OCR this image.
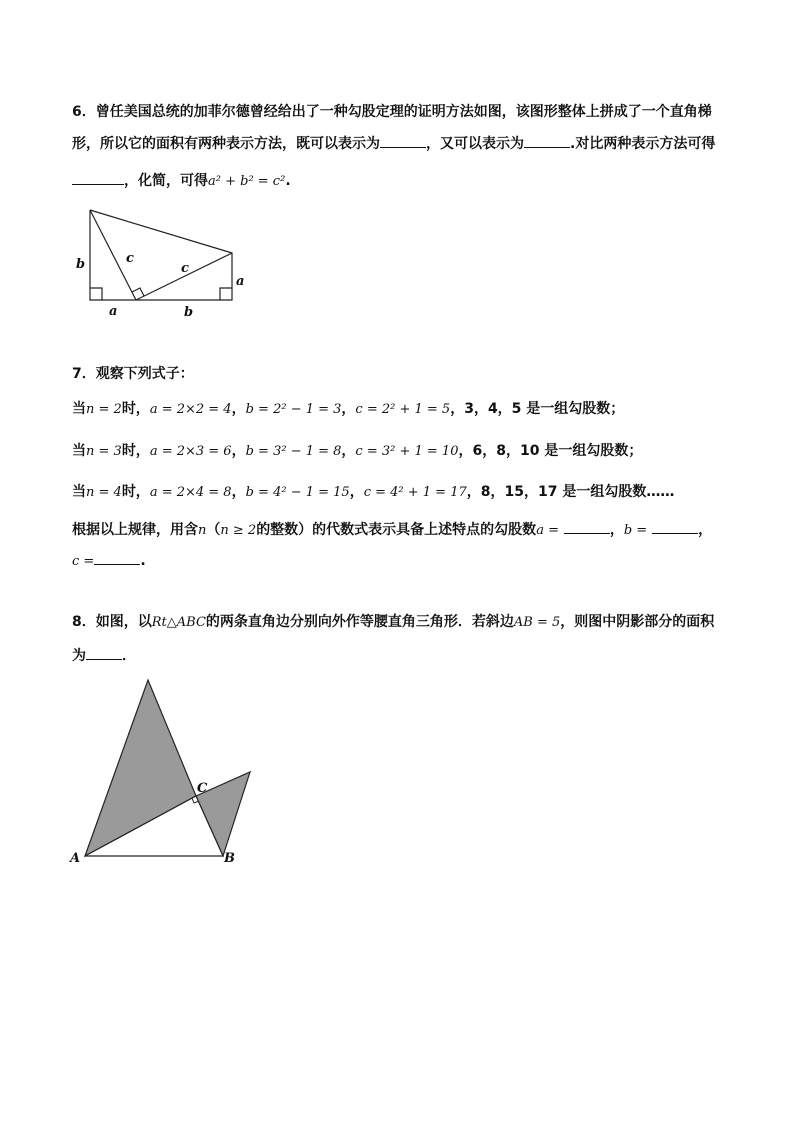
6．曾任美国总统的加菲尔德曾经给出了一种勾股定理的证明方法如图，该图形整体上拼成了一个直角梯
形，所以它的面积有两种表示方法，既可以表示为	，又可以表示为	.对比两种表示方法可得
，化简，可得a² + b² = c².
b	c
c
a
a	b
7．观察下列式子：
当n = 2时，a = 2×2 = 4，b = 2² − 1 = 3，c = 2² + 1 = 5，3，4，5 是一组勾股数；
当n = 3时，a = 2×3 = 6，b = 3² − 1 = 8，c = 3² + 1 = 10，6，8，10 是一组勾股数；
当n = 4时，a = 2×4 = 8，b = 4² − 1 = 15，c = 4² + 1 = 17，8，15，17 是一组勾股数……
根据以上规律，用含n（n ≥ 2的整数）的代数式表示具备上述特点的勾股数a =	，b =	，
c =	.
8．如图，以Rt△ABC的两条直角边分别向外作等腰直角三角形．若斜边AB = 5，则图中阴影部分的面积
为	．
A	B
C
